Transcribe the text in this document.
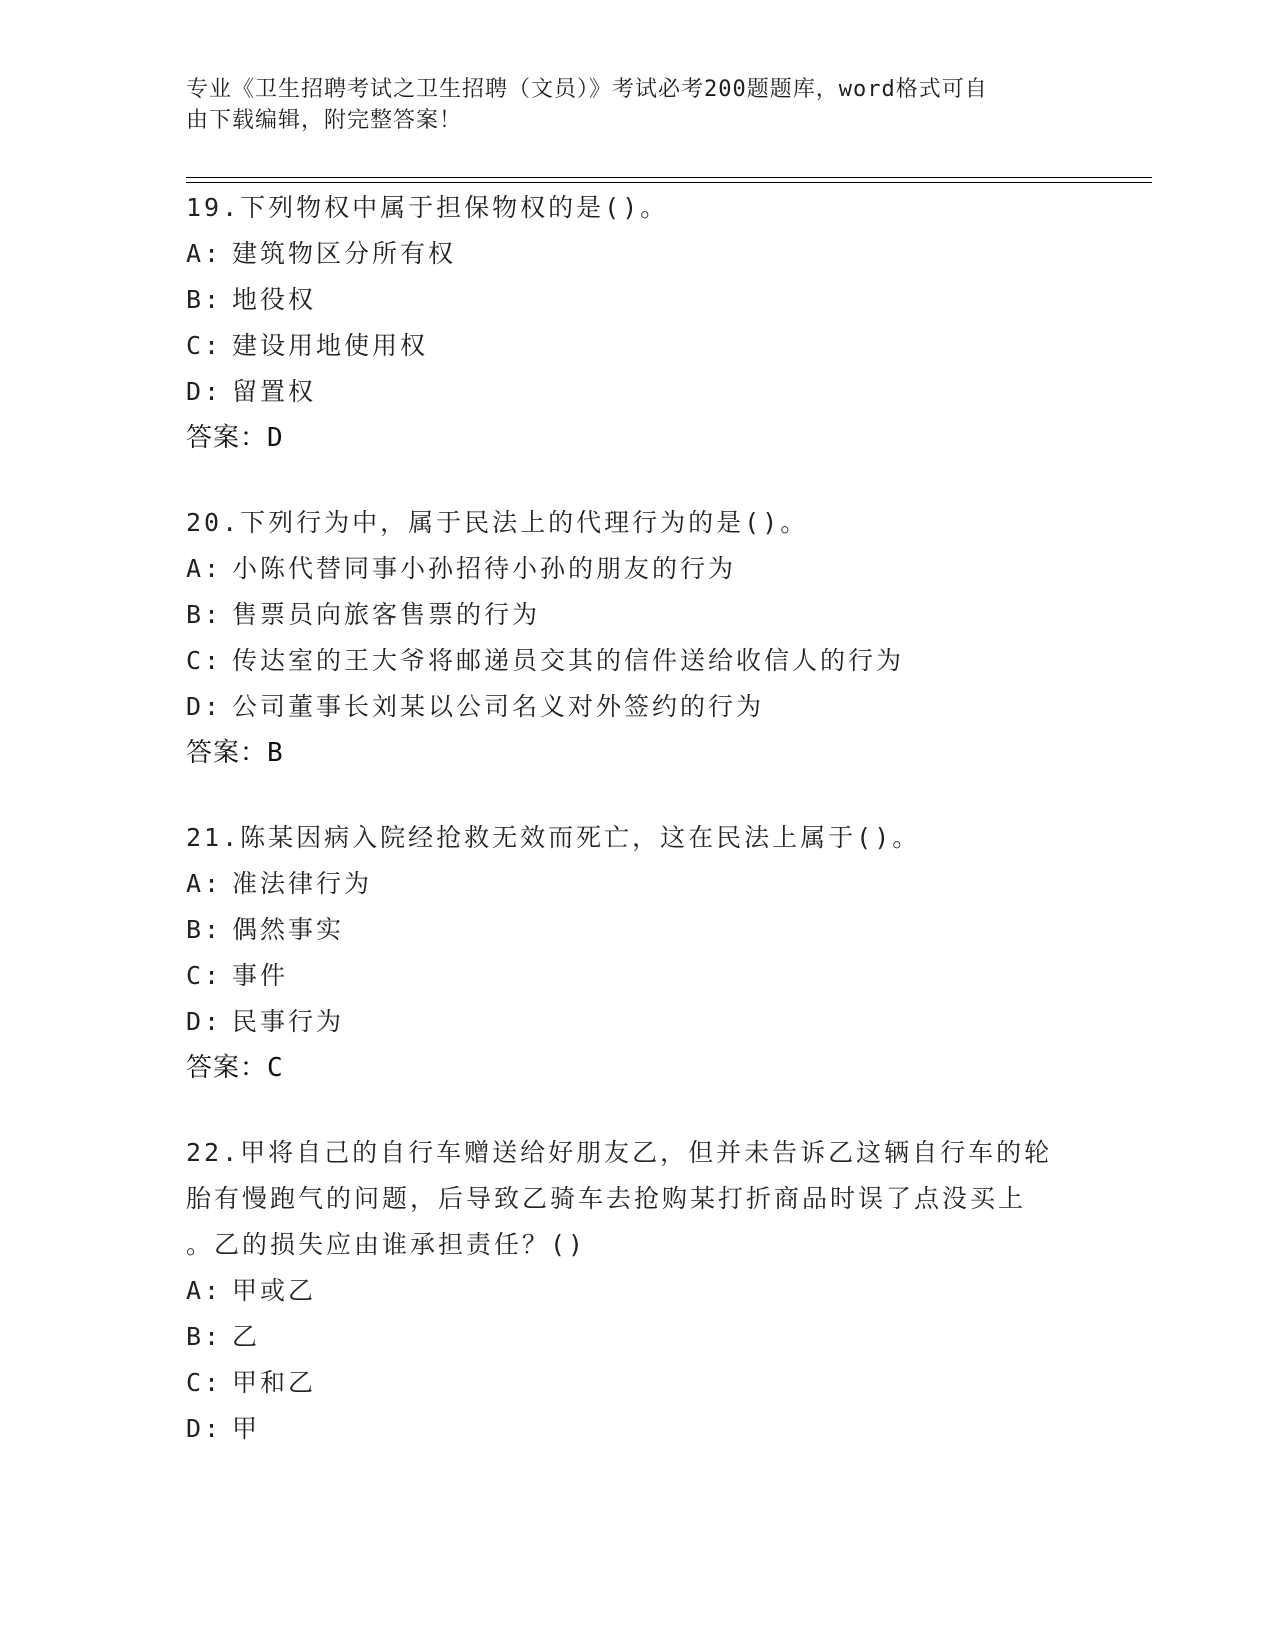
专业《卫生招聘考试之卫生招聘（文员）》考试必考200题题库，word格式可自
由下载编辑，附完整答案！
19.下列物权中属于担保物权的是()。
A: 建筑物区分所有权
B: 地役权
C: 建设用地使用权
D: 留置权
答案：D
20.下列行为中，属于民法上的代理行为的是()。
A: 小陈代替同事小孙招待小孙的朋友的行为
B: 售票员向旅客售票的行为
C: 传达室的王大爷将邮递员交其的信件送给收信人的行为
D: 公司董事长刘某以公司名义对外签约的行为
答案：B
21.陈某因病入院经抢救无效而死亡，这在民法上属于()。
A: 准法律行为
B: 偶然事实
C: 事件
D: 民事行为
答案：C
22.甲将自己的自行车赠送给好朋友乙，但并未告诉乙这辆自行车的轮
胎有慢跑气的问题，后导致乙骑车去抢购某打折商品时误了点没买上
。乙的损失应由谁承担责任？()
A: 甲或乙
B: 乙
C: 甲和乙
D: 甲
